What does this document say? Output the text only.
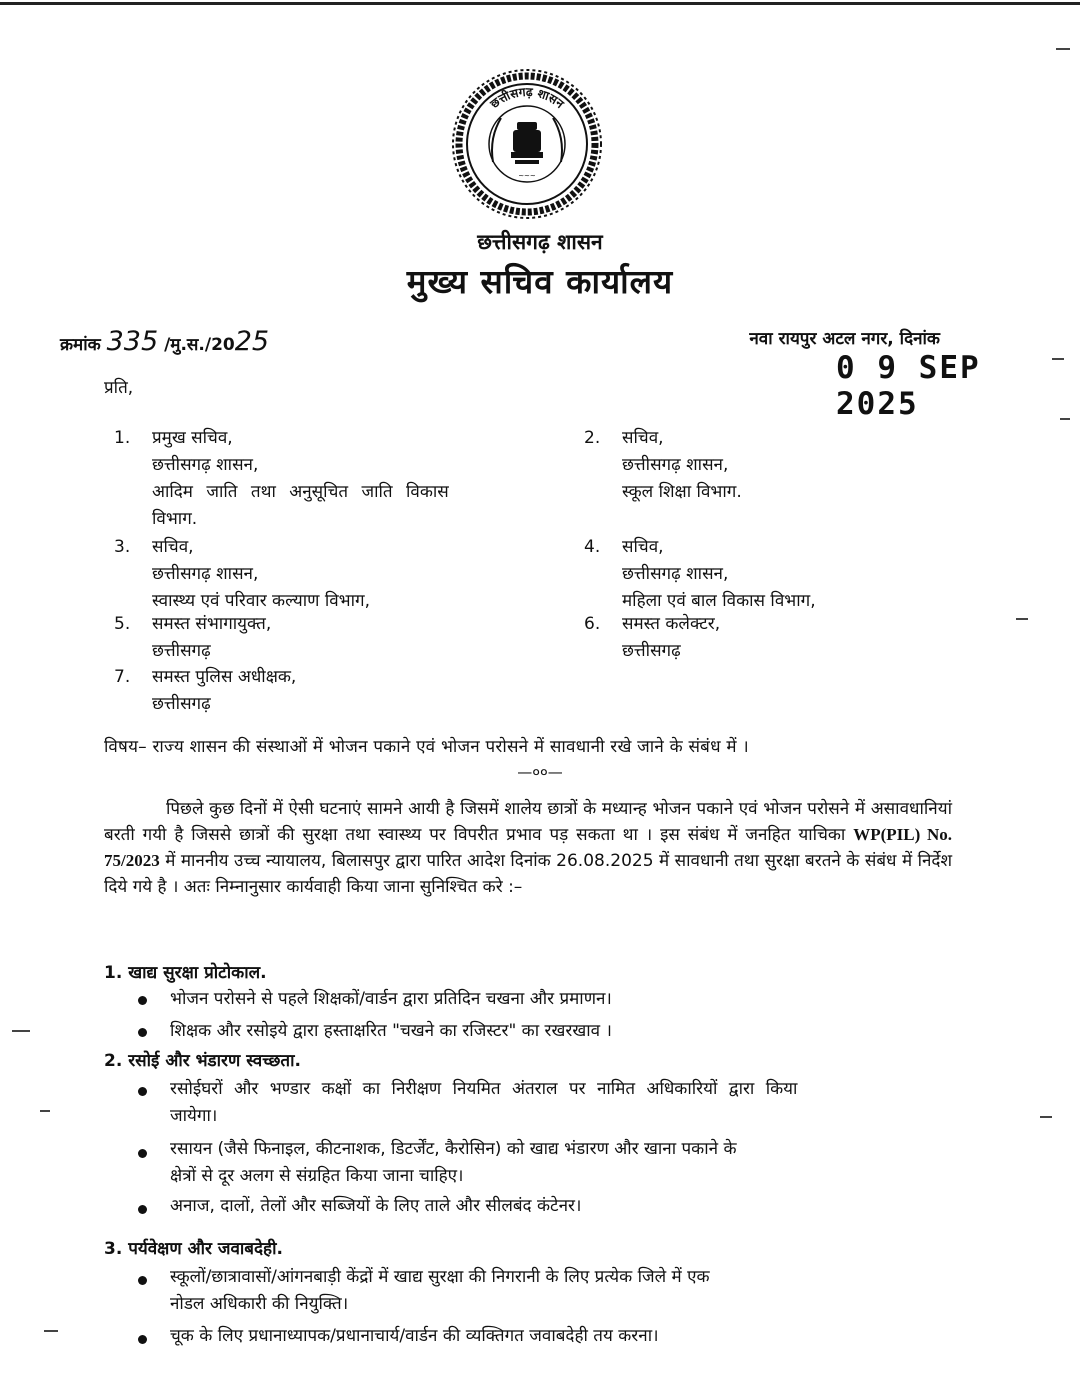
~~~
छत्तीसगढ़ शासन
छत्तीसगढ़ शासन
मुख्य सचिव कार्यालय
क्रमांक 335 /मु.स./2025	नवा रायपुर अटल नगर, दिनांक
0 9 SEP 2025
प्रति,
1. प्रमुख सचिव,
छत्तीसगढ़ शासन,
आदिम जाति तथा अनुसूचित जाति विकास
विभाग.
2. सचिव,
छत्तीसगढ़ शासन,
स्कूल शिक्षा विभाग.
3. सचिव,
छत्तीसगढ़ शासन,
स्वास्थ्य एवं परिवार कल्याण विभाग,
4. सचिव,
छत्तीसगढ़ शासन,
महिला एवं बाल विकास विभाग,
5. समस्त संभागायुक्त,
छत्तीसगढ़
6. समस्त कलेक्टर,
छत्तीसगढ़
7. समस्त पुलिस अधीक्षक,
छत्तीसगढ़
विषय– राज्य शासन की संस्थाओं में भोजन पकाने एवं भोजन परोसने में सावधानी रखे जाने के संबंध में ।
—००—
पिछले कुछ दिनों में ऐसी घटनाएं सामने आयी है जिसमें शालेय छात्रों के मध्यान्ह भोजन पकाने एवं भोजन परोसने में असावधानियां बरती गयी है जिससे छात्रों की सुरक्षा तथा स्वास्थ्य पर विपरीत प्रभाव पड़ सकता था । इस संबंध में जनहित याचिका WP(PIL) No. 75/2023 में माननीय उच्च न्यायालय, बिलासपुर द्वारा पारित आदेश दिनांक 26.08.2025 में सावधानी तथा सुरक्षा बरतने के संबंध में निर्देश दिये गये है । अतः निम्नानुसार कार्यवाही किया जाना सुनिश्चित करे :–
1. खाद्य सुरक्षा प्रोटोकाल.
भोजन परोसने से पहले शिक्षकों/वार्डन द्वारा प्रतिदिन चखना और प्रमाणन।
शिक्षक और रसोइये द्वारा हस्ताक्षरित "चखने का रजिस्टर" का रखरखाव ।
2. रसोई और भंडारण स्वच्छता.
रसोईघरों और भण्डार कक्षों का निरीक्षण नियमित अंतराल पर नामित अधिकारियों द्वारा किया
जायेगा।
रसायन (जैसे फिनाइल, कीटनाशक, डिटर्जेंट, कैरोसिन) को खाद्य भंडारण और खाना पकाने के
क्षेत्रों से दूर अलग से संग्रहित किया जाना चाहिए।
अनाज, दालों, तेलों और सब्जियों के लिए ताले और सीलबंद कंटेनर।
3. पर्यवेक्षण और जवाबदेही.
स्कूलों/छात्रावासों/आंगनबाड़ी केंद्रों में खाद्य सुरक्षा की निगरानी के लिए प्रत्येक जिले में एक
नोडल अधिकारी की नियुक्ति।
चूक के लिए प्रधानाध्यापक/प्रधानाचार्य/वार्डन की व्यक्तिगत जवाबदेही तय करना।
